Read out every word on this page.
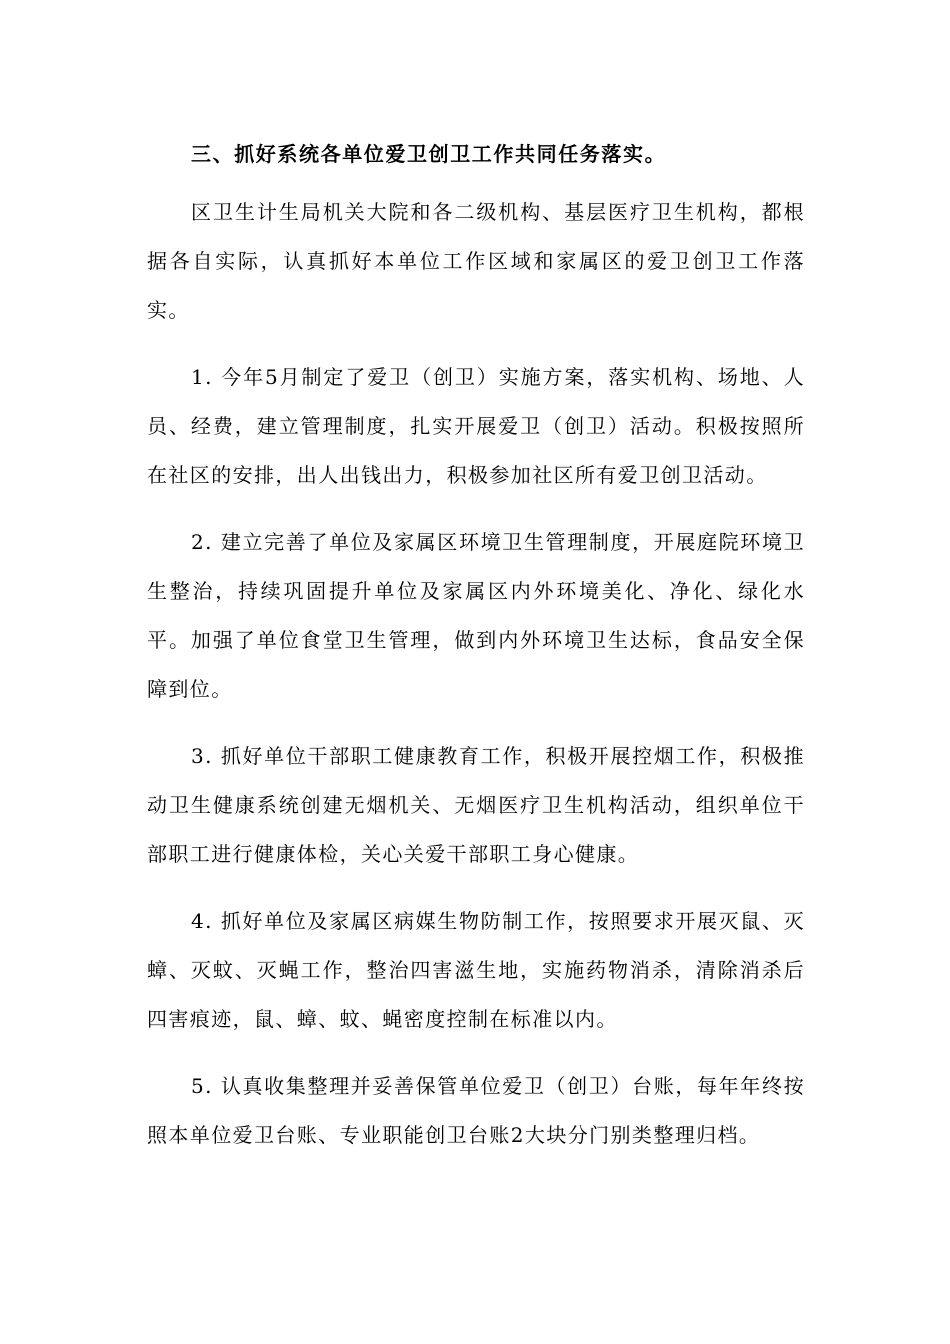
三、抓好系统各单位爱卫创卫工作共同任务落实。

区卫生计生局机关大院和各二级机构、基层医疗卫生机构，都根据各自实际，认真抓好本单位工作区域和家属区的爱卫创卫工作落实。

1. 今年5月制定了爱卫（创卫）实施方案，落实机构、场地、人员、经费，建立管理制度，扎实开展爱卫（创卫）活动。积极按照所在社区的安排，出人出钱出力，积极参加社区所有爱卫创卫活动。

2. 建立完善了单位及家属区环境卫生管理制度，开展庭院环境卫生整治，持续巩固提升单位及家属区内外环境美化、净化、绿化水平。加强了单位食堂卫生管理，做到内外环境卫生达标，食品安全保障到位。

3. 抓好单位干部职工健康教育工作，积极开展控烟工作，积极推动卫生健康系统创建无烟机关、无烟医疗卫生机构活动，组织单位干部职工进行健康体检，关心关爱干部职工身心健康。

4. 抓好单位及家属区病媒生物防制工作，按照要求开展灭鼠、灭蟑、灭蚊、灭蝇工作，整治四害滋生地，实施药物消杀，清除消杀后四害痕迹，鼠、蟑、蚊、蝇密度控制在标准以内。

5. 认真收集整理并妥善保管单位爱卫（创卫）台账，每年年终按照本单位爱卫台账、专业职能创卫台账2大块分门别类整理归档。
